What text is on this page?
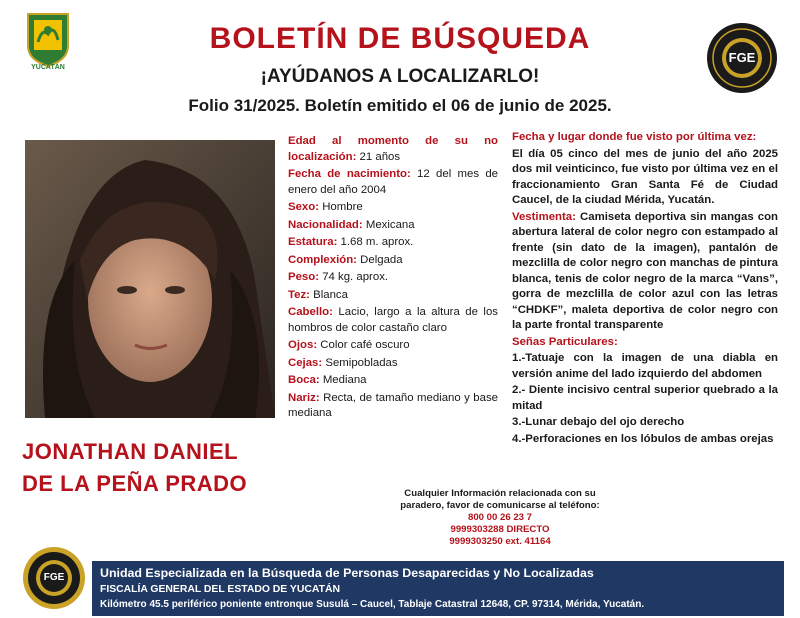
YUCATÁN
FGE
BOLETÍN DE BÚSQUEDA
¡AYÚDANOS A LOCALIZARLO!
Folio 31/2025. Boletín emitido el 06 de junio de 2025.
JONATHAN DANIEL
DE LA PEÑA PRADO

Edad al momento de su no localización: 21 años

Fecha de nacimiento: 12 del mes de enero del año 2004

Sexo: Hombre

Nacionalidad: Mexicana

Estatura: 1.68 m. aprox.

Complexión: Delgada

Peso: 74 kg. aprox.

Tez: Blanca

Cabello: Lacio, largo a la altura de los hombros de color castaño claro

Ojos: Color café oscuro

Cejas: Semipobladas

Boca: Mediana

Nariz: Recta, de tamaño mediano y base mediana

Fecha y lugar donde fue visto por última vez:

El día 05 cinco del mes de junio del año 2025 dos mil veinticinco, fue visto por última vez en el fraccionamiento Gran Santa Fé de Ciudad Caucel, de la ciudad Mérida, Yucatán.

Vestimenta: Camiseta deportiva sin mangas con abertura lateral de color negro con estampado al frente (sin dato de la imagen), pantalón de mezclilla de color negro con manchas de pintura blanca, tenis de color negro de la marca “Vans”, gorra de mezclilla de color azul con las letras “CHDKF”, maleta deportiva de color negro con la parte frontal transparente

Señas Particulares:

1.-Tatuaje con la imagen de una diabla en versión anime del lado izquierdo del abdomen

2.- Diente incisivo central superior quebrado a la mitad

3.-Lunar debajo del ojo derecho

4.-Perforaciones en los lóbulos de ambas orejas

Cualquier Información relacionada con su
paradero, favor de comunicarse al teléfono:
800 00 26 23 7
9999303288 DIRECTO
9999303250 ext. 41164
FGE	Unidad Especializada en la Búsqueda de Personas Desaparecidas y No Localizadas
FISCALÍA GENERAL DEL ESTADO DE YUCATÁN
Kilómetro 45.5 periférico poniente entronque Susulá – Caucel, Tablaje Catastral 12648, CP. 97314, Mérida, Yucatán.
